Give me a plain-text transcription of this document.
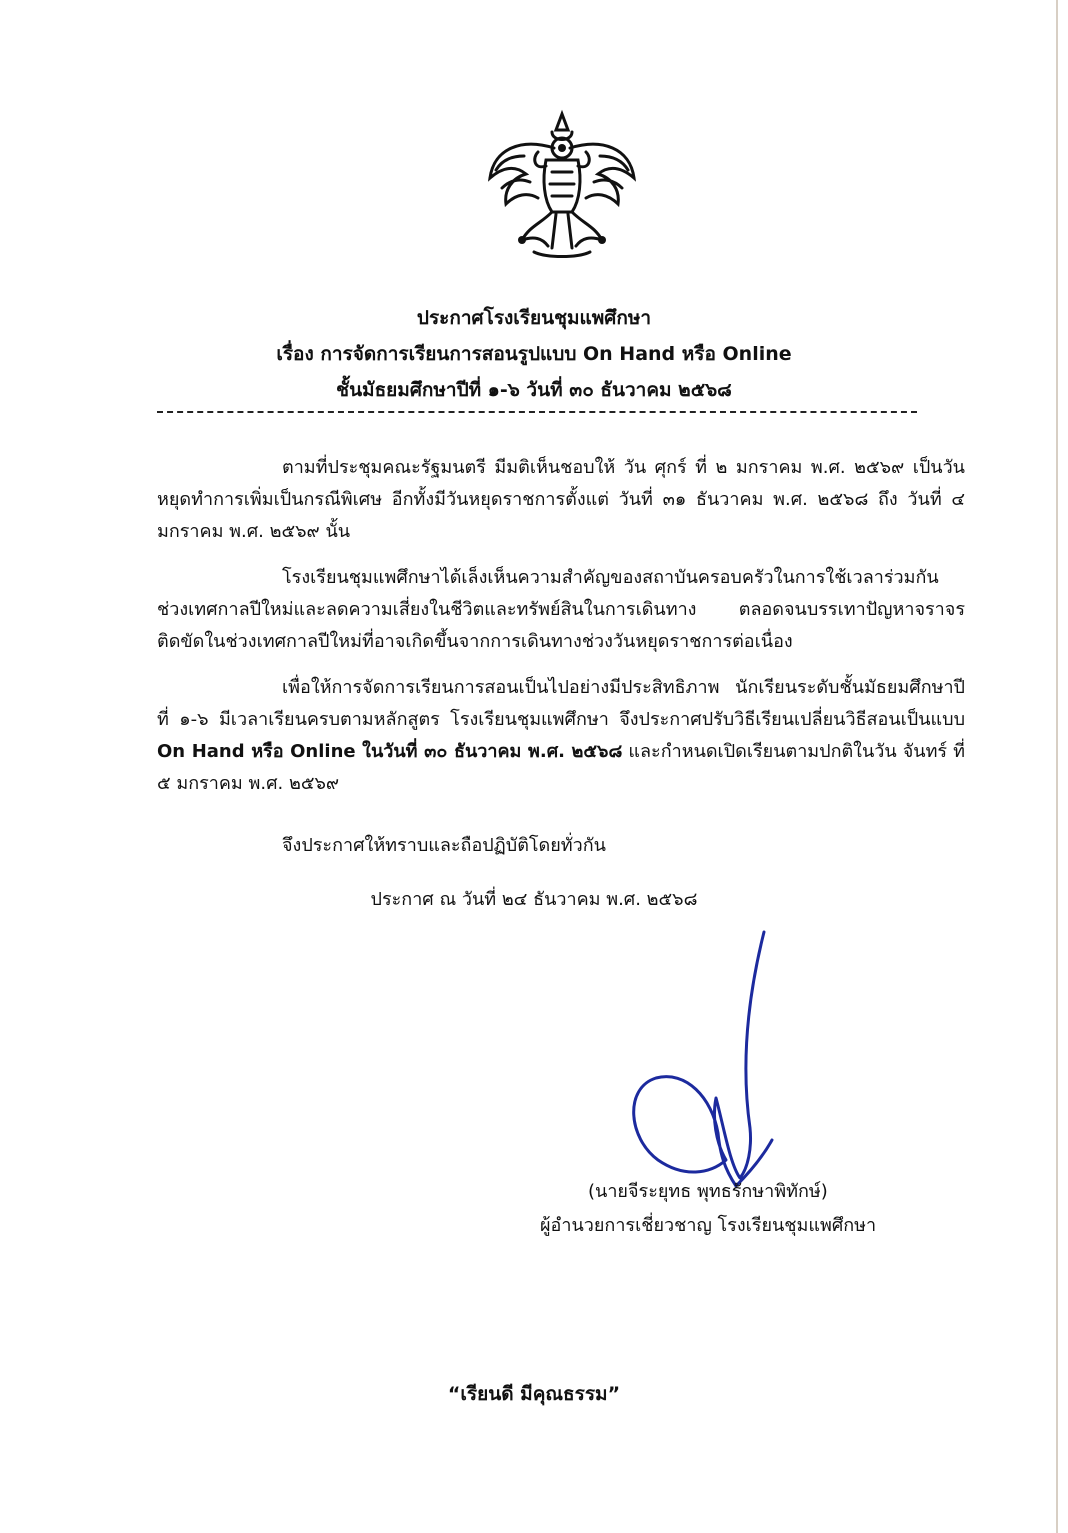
ประกาศโรงเรียนชุมแพศึกษา
เรื่อง การจัดการเรียนการสอนรูปแบบ On Hand หรือ Online
ชั้นมัธยมศึกษาปีที่ ๑-๖ วันที่ ๓๐ ธันวาคม ๒๕๖๘

ตามที่ประชุมคณะรัฐมนตรี มีมติเห็นชอบให้ วัน ศุกร์ ที่ ๒ มกราคม พ.ศ. ๒๕๖๙ เป็นวันหยุดทำการเพิ่มเป็นกรณีพิเศษ อีกทั้งมีวันหยุดราชการตั้งแต่ วันที่ ๓๑ ธันวาคม พ.ศ. ๒๕๖๘ ถึง วันที่ ๔ มกราคม พ.ศ. ๒๕๖๙ นั้น

โรงเรียนชุมแพศึกษาได้เล็งเห็นความสำคัญของสถาบันครอบครัวในการใช้เวลาร่วมกันช่วงเทศกาลปีใหม่และลดความเสี่ยงในชีวิตและทรัพย์สินในการเดินทาง ตลอดจนบรรเทาปัญหาจราจรติดขัดในช่วงเทศกาลปีใหม่ที่อาจเกิดขึ้นจากการเดินทางช่วงวันหยุดราชการต่อเนื่อง

เพื่อให้การจัดการเรียนการสอนเป็นไปอย่างมีประสิทธิภาพ นักเรียนระดับชั้นมัธยมศึกษาปีที่ ๑-๖ มีเวลาเรียนครบตามหลักสูตร โรงเรียนชุมแพศึกษา จึงประกาศปรับวิธีเรียนเปลี่ยนวิธีสอนเป็นแบบ On Hand หรือ Online ในวันที่ ๓๐ ธันวาคม พ.ศ. ๒๕๖๘ และกำหนดเปิดเรียนตามปกติในวัน จันทร์ ที่ ๕ มกราคม พ.ศ. ๒๕๖๙

จึงประกาศให้ทราบและถือปฏิบัติโดยทั่วกัน
ประกาศ ณ วันที่ ๒๔ ธันวาคม พ.ศ. ๒๕๖๘
(นายจีระยุทธ พุทธรักษาพิทักษ์)
ผู้อำนวยการเชี่ยวชาญ โรงเรียนชุมแพศึกษา
“เรียนดี มีคุณธรรม”
